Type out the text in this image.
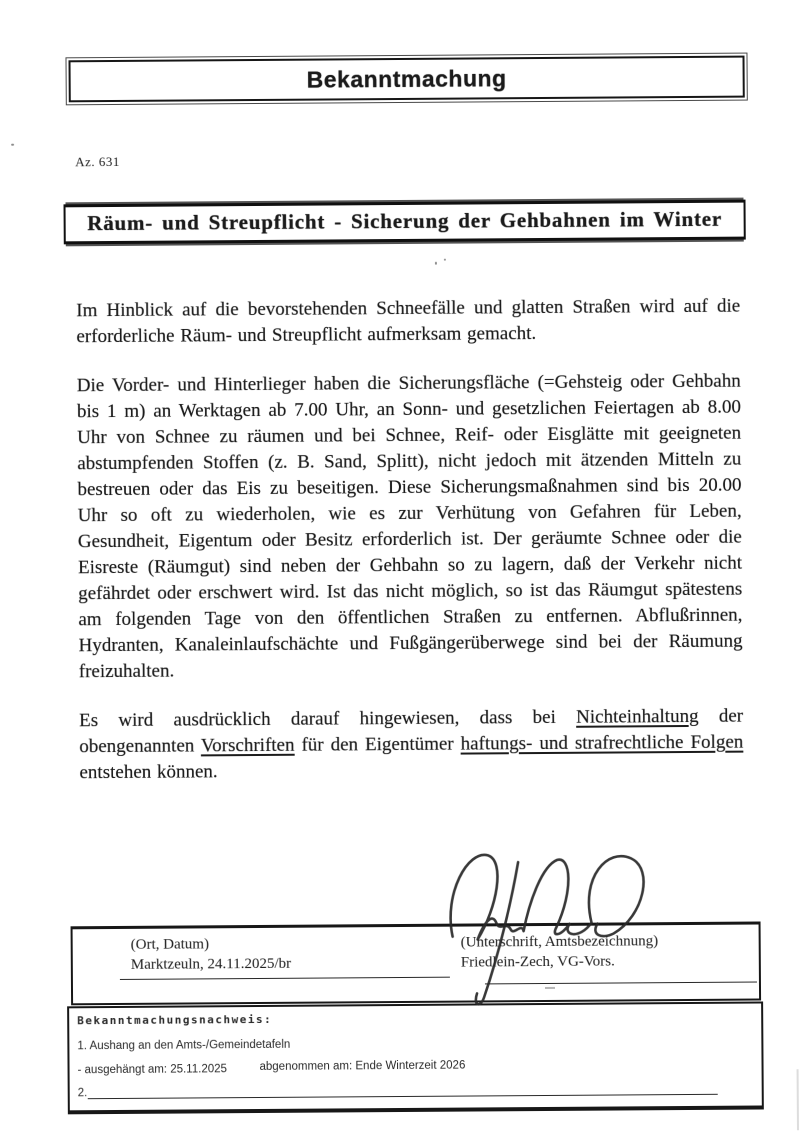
Bekanntmachung
Az. 631
Räum- und Streupflicht - Sicherung der Gehbahnen im Winter

Im Hinblick auf die bevorstehenden Schneefälle und glatten Straßen wird auf die erforderliche Räum- und Streupflicht aufmerksam gemacht.

Die Vorder- und Hinterlieger haben die Sicherungsfläche (=Gehsteig oder Gehbahn bis 1 m) an Werktagen ab 7.00 Uhr, an Sonn- und gesetzlichen Feiertagen ab 8.00 Uhr von Schnee zu räumen und bei Schnee, Reif- oder Eisglätte mit geeigneten abstumpfenden Stoffen (z. B. Sand, Splitt), nicht jedoch mit ätzenden Mitteln zu bestreuen oder das Eis zu beseitigen. Diese Sicherungsmaßnahmen sind bis 20.00 Uhr so oft zu wiederholen, wie es zur Verhütung von Gefahren für Leben, Gesundheit, Eigentum oder Besitz erforderlich ist. Der geräumte Schnee oder die Eisreste (Räumgut) sind neben der Gehbahn so zu lagern, daß der Verkehr nicht gefährdet oder erschwert wird. Ist das nicht möglich, so ist das Räumgut spätestens am folgenden Tage von den öffentlichen Straßen zu entfernen. Abflußrinnen, Hydranten, Kanaleinlaufschächte und Fußgängerüberwege sind bei der Räumung freizuhalten.

Es wird ausdrücklich darauf hingewiesen, dass bei Nichteinhaltung der obengenannten Vorschriften für den Eigentümer haftungs- und strafrechtliche Folgen entstehen können.

(Ort, Datum)
Marktzeuln, 24.11.2025/br
(Unterschrift, Amtsbezeichnung)
Friedlein-Zech, VG-Vors.
Bekanntmachungsnachweis:
1. Aushang an den Amts-/Gemeindetafeln
- ausgehängt am: 25.11.2025	abgenommen am: Ende Winterzeit 2026
2.
